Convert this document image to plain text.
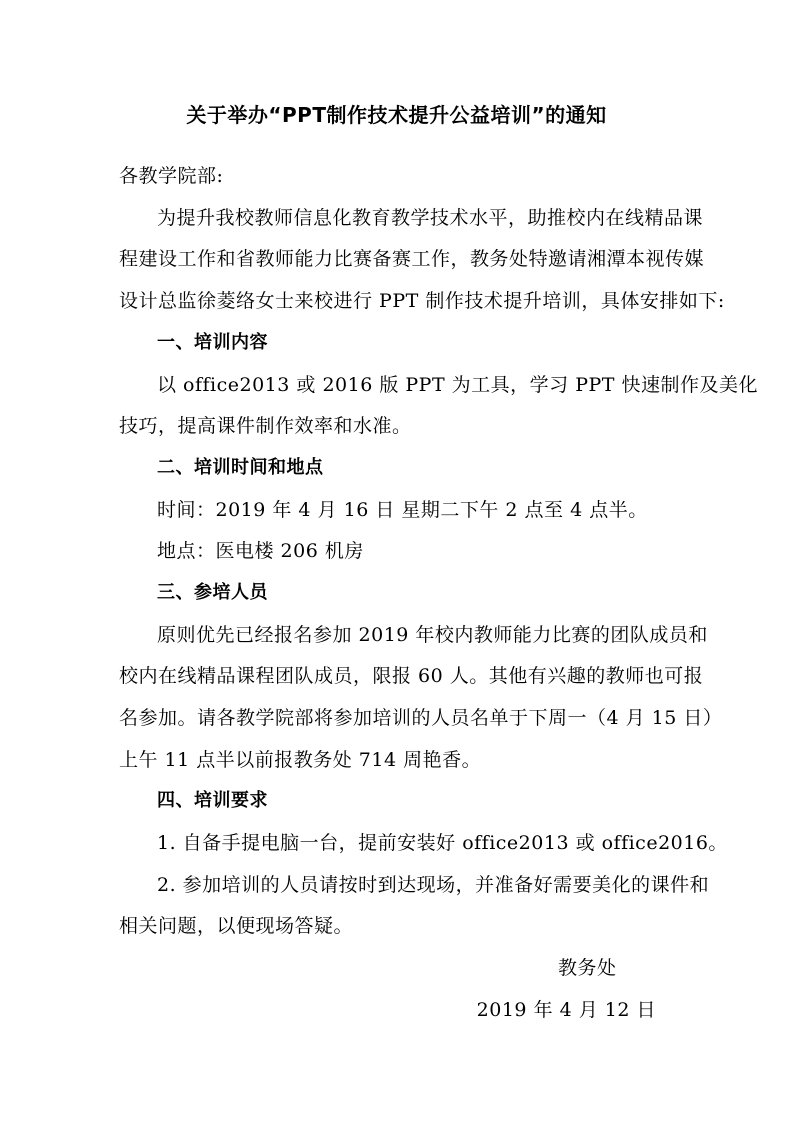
关于举办“PPT制作技术提升公益培训”的通知
各教学院部:
为提升我校教师信息化教育教学技术水平，助推校内在线精品课
程建设工作和省教师能力比赛备赛工作，教务处特邀请湘潭本视传媒
设计总监徐菱络女士来校进行 PPT 制作技术提升培训，具体安排如下:
一、培训内容
以 office2013 或 2016 版 PPT 为工具，学习 PPT 快速制作及美化
技巧，提高课件制作效率和水准。
二、培训时间和地点
时间：2019 年 4 月 16 日 星期二下午 2 点至 4 点半。
地点：医电楼 206 机房
三、参培人员
原则优先已经报名参加 2019 年校内教师能力比赛的团队成员和
校内在线精品课程团队成员，限报 60 人。其他有兴趣的教师也可报
名参加。请各教学院部将参加培训的人员名单于下周一（4 月 15 日）
上午 11 点半以前报教务处 714 周艳香。
四、培训要求
1. 自备手提电脑一台，提前安装好 office2013 或 office2016。
2. 参加培训的人员请按时到达现场，并准备好需要美化的课件和
相关问题，以便现场答疑。
教务处
2019 年 4 月 12 日
